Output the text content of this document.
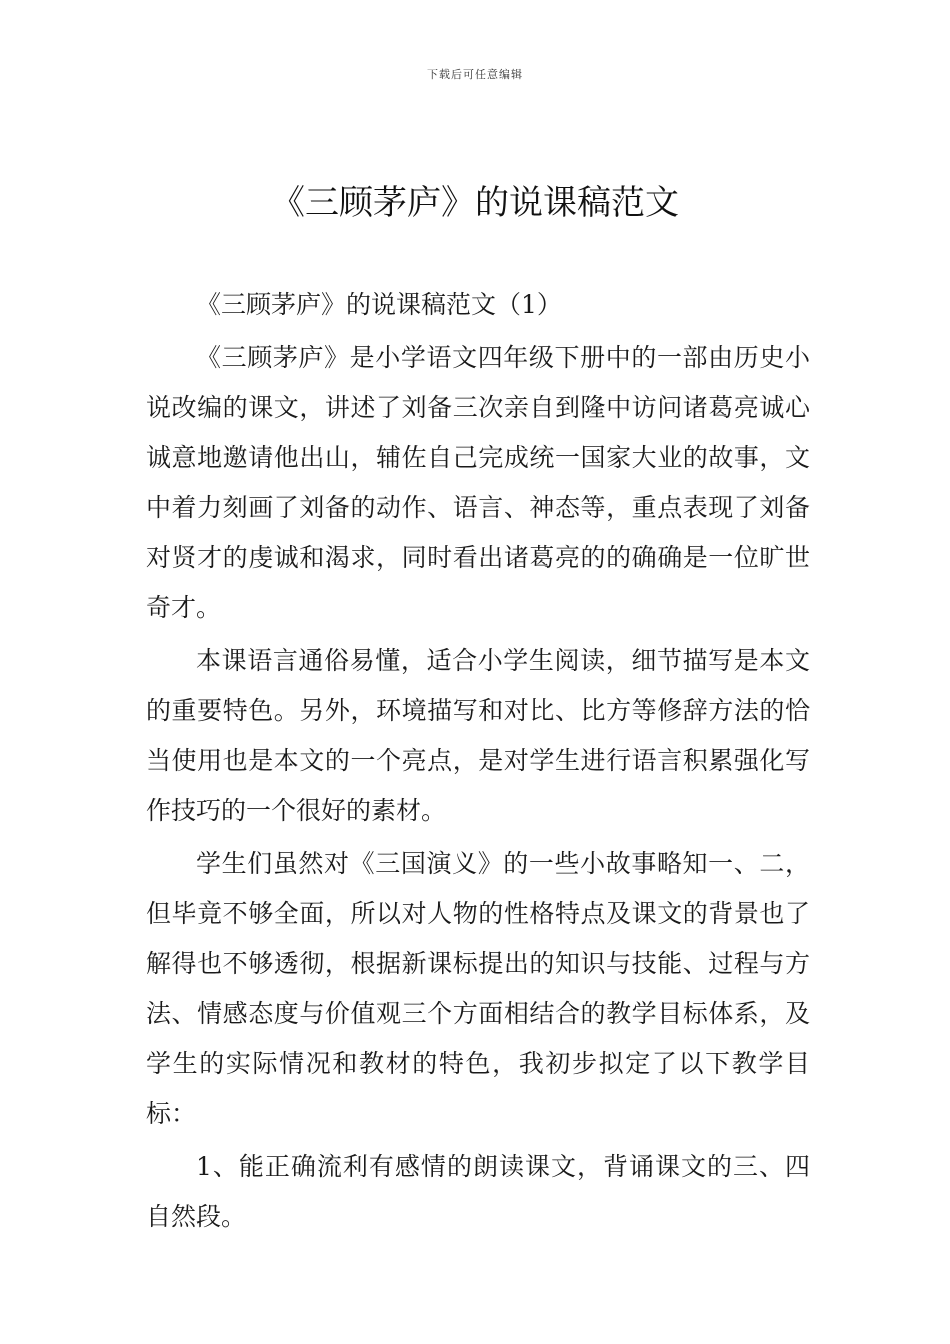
下载后可任意编辑
《三顾茅庐》的说课稿范文

《三顾茅庐》的说课稿范文（1）

《三顾茅庐》是小学语文四年级下册中的一部由历史小说改编的课文，讲述了刘备三次亲自到隆中访问诸葛亮诚心诚意地邀请他出山，辅佐自己完成统一国家大业的故事，文中着力刻画了刘备的动作、语言、神态等，重点表现了刘备对贤才的虔诚和渴求，同时看出诸葛亮的的确确是一位旷世奇才。

本课语言通俗易懂，适合小学生阅读，细节描写是本文的重要特色。另外，环境描写和对比、比方等修辞方法的恰当使用也是本文的一个亮点，是对学生进行语言积累强化写作技巧的一个很好的素材。

学生们虽然对《三国演义》的一些小故事略知一、二，但毕竟不够全面，所以对人物的性格特点及课文的背景也了解得也不够透彻，根据新课标提出的知识与技能、过程与方法、情感态度与价值观三个方面相结合的教学目标体系，及学生的实际情况和教材的特色，我初步拟定了以下教学目标：

1、能正确流利有感情的朗读课文，背诵课文的三、四自然段。
